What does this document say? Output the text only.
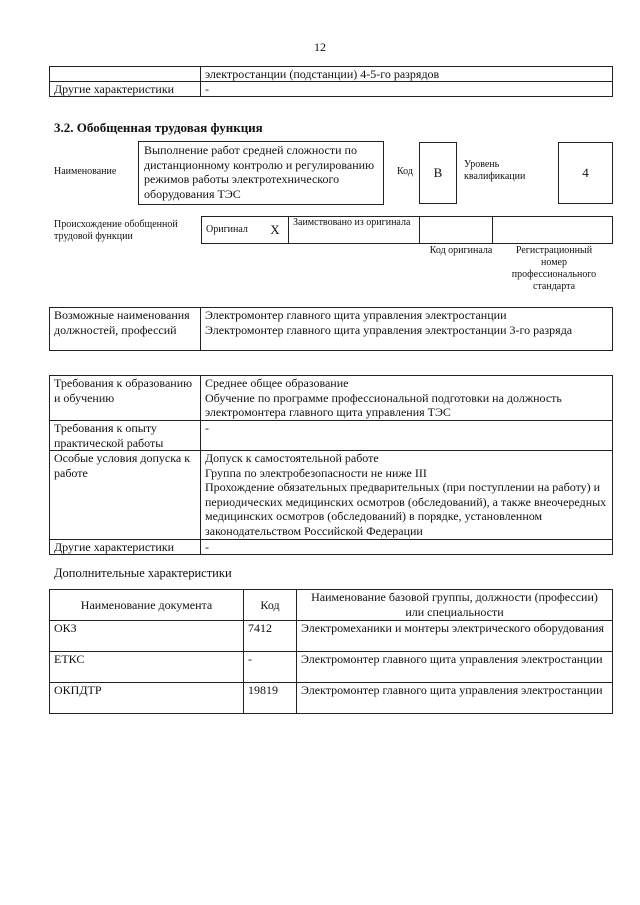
12
	электростанции (подстанции) 4-5-го разрядов
Другие характеристики	-
3.2. Обобщенная трудовая функция
Наименование
Выполнение работ средней сложности по дистанционному контролю и регулированию режимов работы электротехнического оборудования ТЭС
Код	B
Уровень квалификации	4
Происхождение обобщенной трудовой функции
Оригинал	X	Заимствовано из оригинала		
Код оригинала	Регистрационный номер профессионального стандарта
Возможные наименования должностей, профессий	Электромонтер главного щита управления электростанции
Электромонтер главного щита управления электростанции 3-го разряда
Требования к образованию и обучению	Среднее общее образование
Обучение по программе профессиональной подготовки на должность электромонтера главного щита управления ТЭС
Требования к опыту практической работы	-
Особые условия допуска к работе	Допуск к самостоятельной работе
Группа по электробезопасности не ниже III
Прохождение обязательных предварительных (при поступлении на работу) и периодических медицинских осмотров (обследований), а также внеочередных медицинских осмотров (обследований) в порядке, установленном законодательством Российской Федерации
Другие характеристики	-
Дополнительные характеристики
Наименование документа	Код	Наименование базовой группы, должности (профессии) или специальности
ОКЗ	7412	Электромеханики и монтеры электрического оборудования
ЕТКС	-	Электромонтер главного щита управления электростанции
ОКПДТР	19819	Электромонтер главного щита управления электростанции
